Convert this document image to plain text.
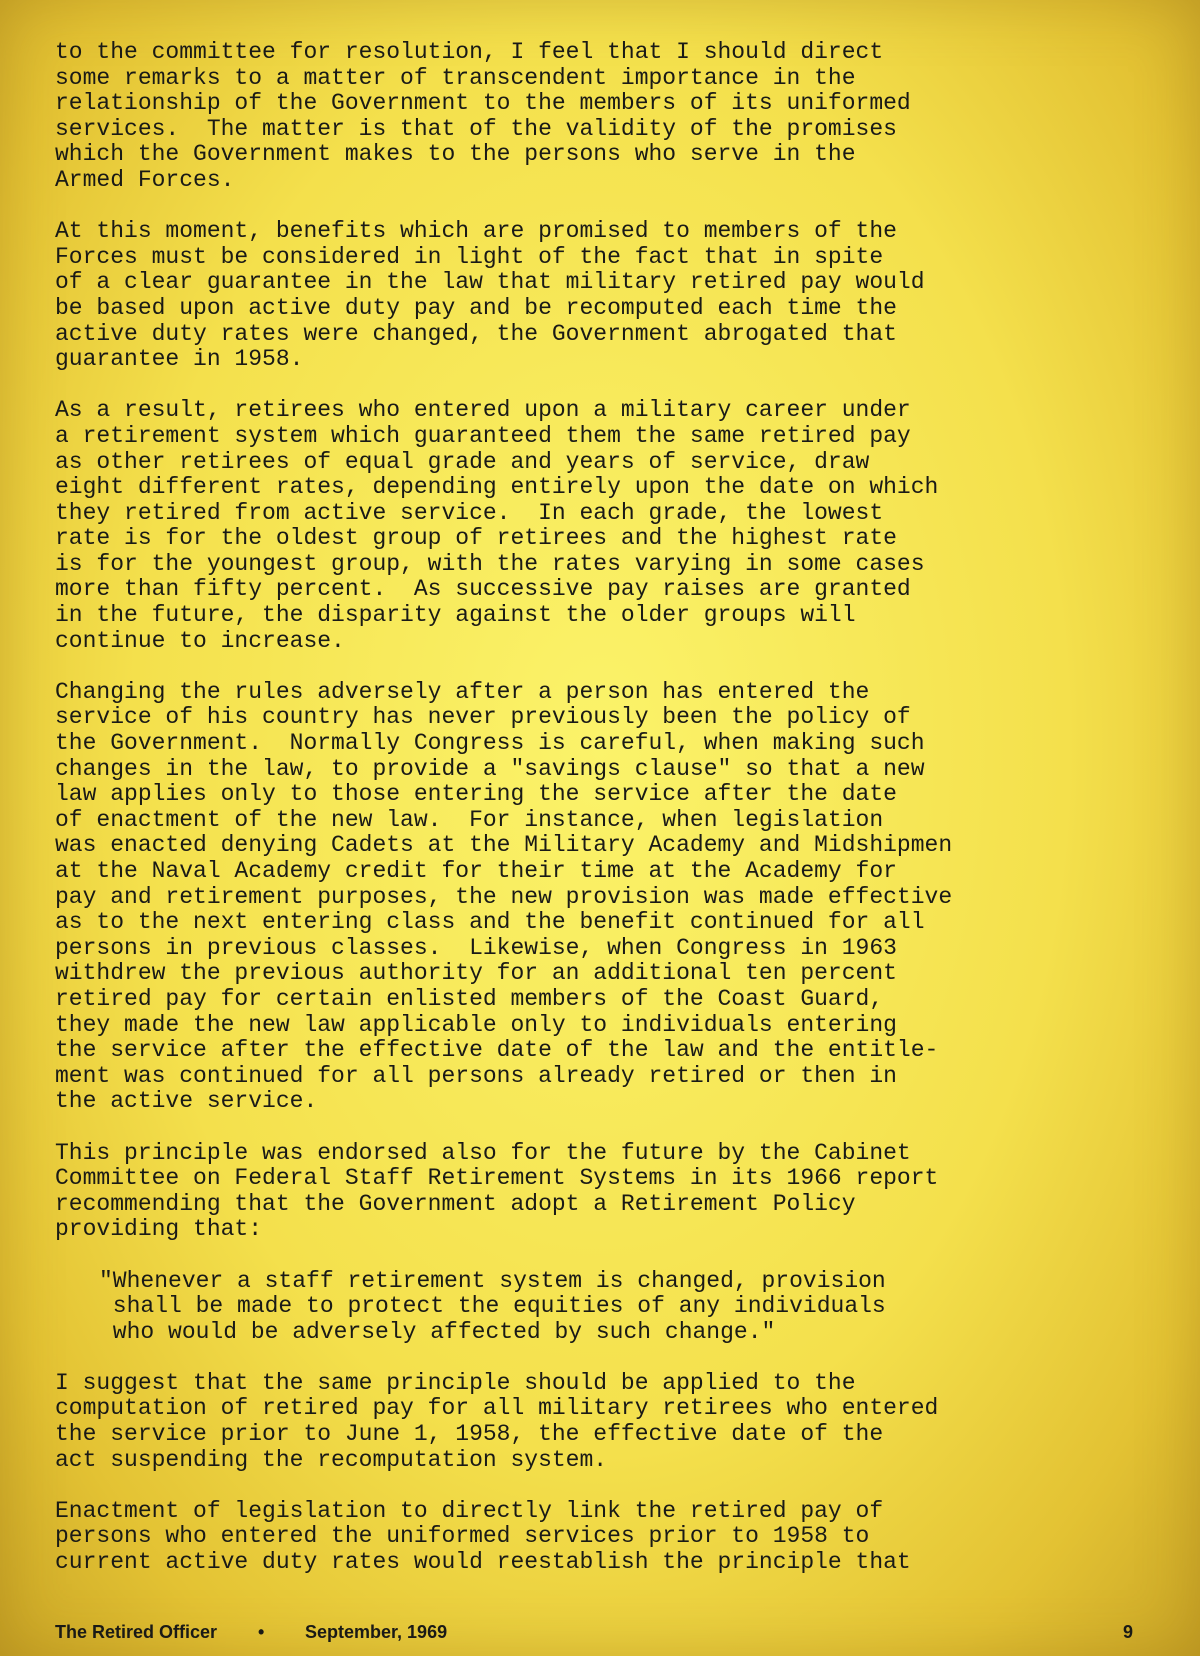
to the committee for resolution, I feel that I should direct
some remarks to a matter of transcendent importance in the
relationship of the Government to the members of its uniformed
services.  The matter is that of the validity of the promises
which the Government makes to the persons who serve in the
Armed Forces.

At this moment, benefits which are promised to members of the
Forces must be considered in light of the fact that in spite
of a clear guarantee in the law that military retired pay would
be based upon active duty pay and be recomputed each time the
active duty rates were changed, the Government abrogated that
guarantee in 1958.

As a result, retirees who entered upon a military career under
a retirement system which guaranteed them the same retired pay
as other retirees of equal grade and years of service, draw
eight different rates, depending entirely upon the date on which
they retired from active service.  In each grade, the lowest
rate is for the oldest group of retirees and the highest rate
is for the youngest group, with the rates varying in some cases
more than fifty percent.  As successive pay raises are granted
in the future, the disparity against the older groups will
continue to increase.

Changing the rules adversely after a person has entered the
service of his country has never previously been the policy of
the Government.  Normally Congress is careful, when making such
changes in the law, to provide a "savings clause" so that a new
law applies only to those entering the service after the date
of enactment of the new law.  For instance, when legislation
was enacted denying Cadets at the Military Academy and Midshipmen
at the Naval Academy credit for their time at the Academy for
pay and retirement purposes, the new provision was made effective
as to the next entering class and the benefit continued for all
persons in previous classes.  Likewise, when Congress in 1963
withdrew the previous authority for an additional ten percent
retired pay for certain enlisted members of the Coast Guard,
they made the new law applicable only to individuals entering
the service after the effective date of the law and the entitle-
ment was continued for all persons already retired or then in
the active service.

This principle was endorsed also for the future by the Cabinet
Committee on Federal Staff Retirement Systems in its 1966 report
recommending that the Government adopt a Retirement Policy
providing that:

"Whenever a staff retirement system is changed, provision
shall be made to protect the equities of any individuals
who would be adversely affected by such change."

I suggest that the same principle should be applied to the
computation of retired pay for all military retirees who entered
the service prior to June 1, 1958, the effective date of the
act suspending the recomputation system.

Enactment of legislation to directly link the retired pay of
persons who entered the uniformed services prior to 1958 to
current active duty rates would reestablish the principle that

The Retired Officer • September, 1969	9
